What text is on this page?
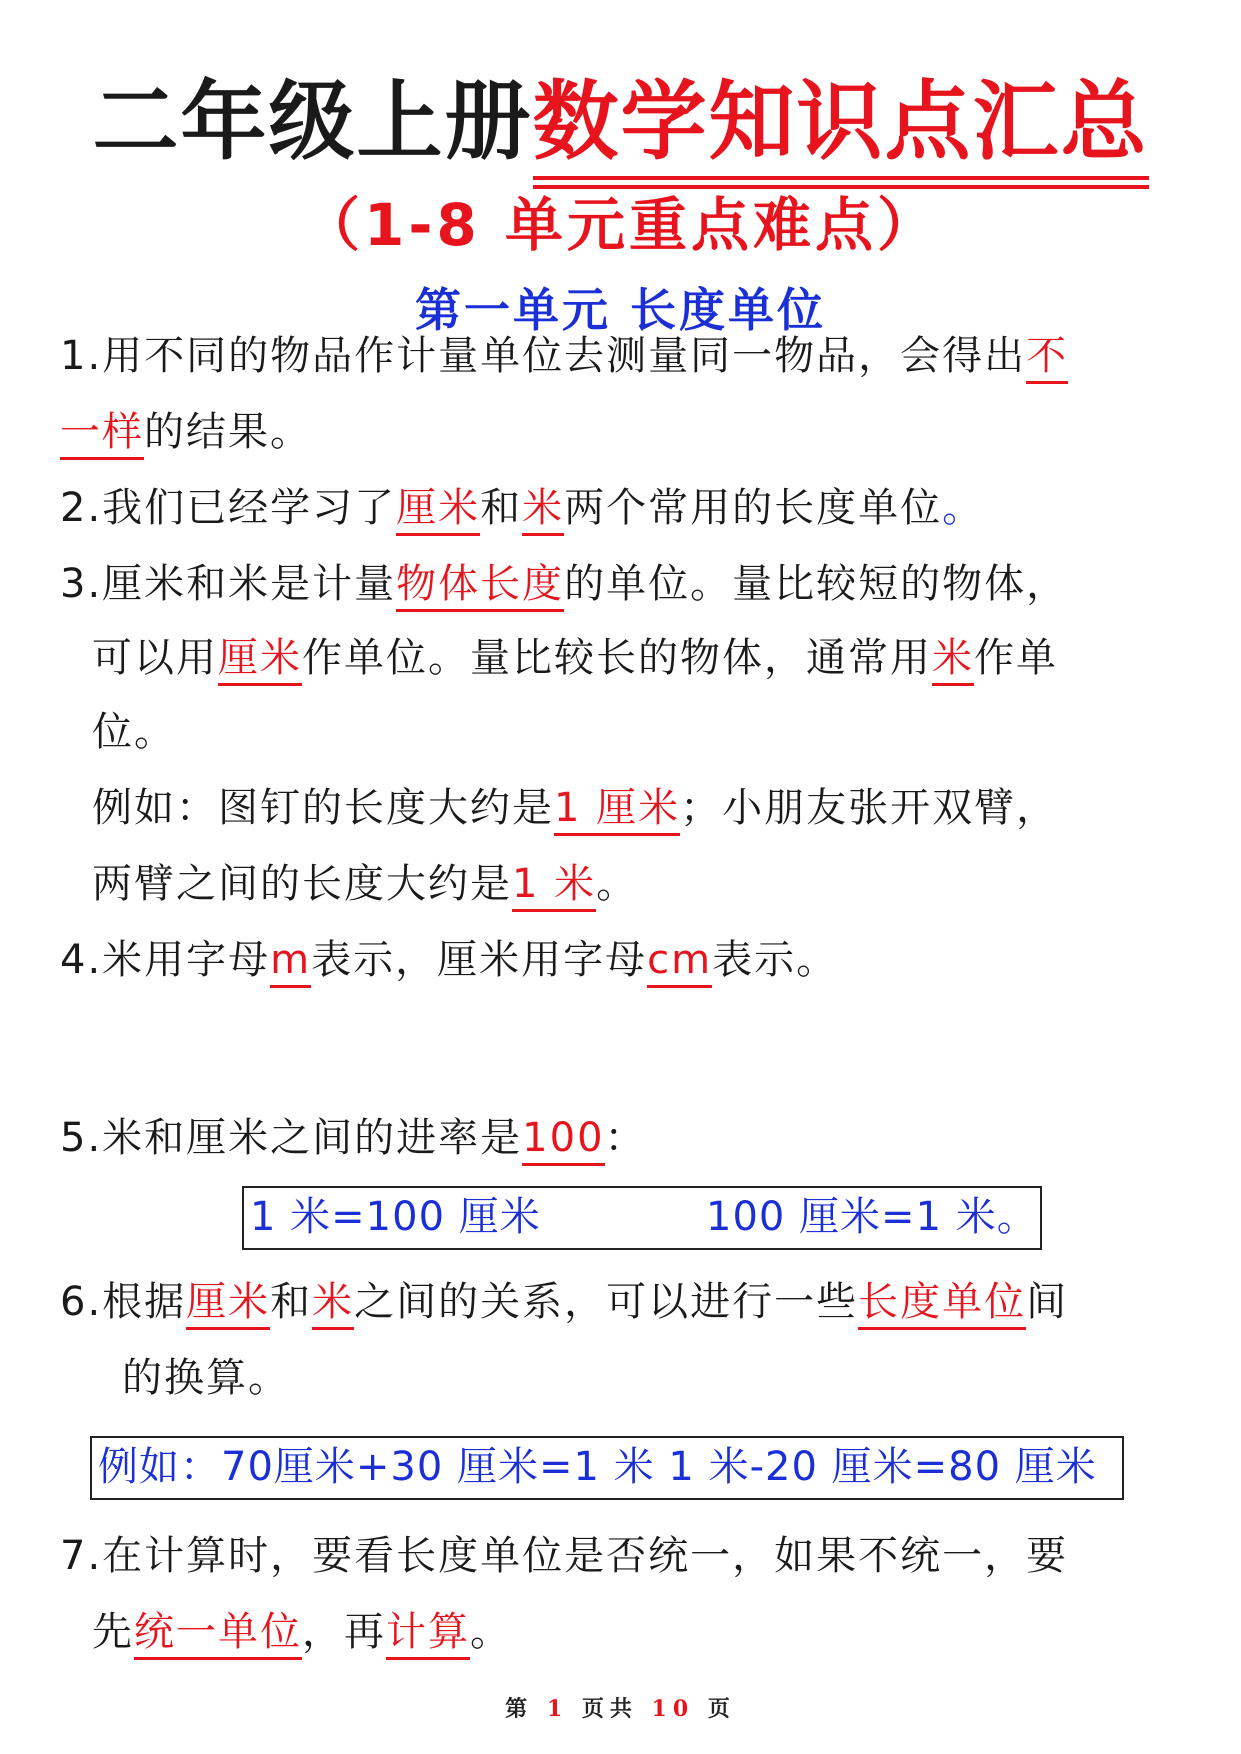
二年级上册数学知识点汇总
（1-8 单元重点难点）
第一单元 长度单位
1.用不同的物品作计量单位去测量同一物品，会得出不
一样的结果。
2.我们已经学习了厘米和米两个常用的长度单位。
3.厘米和米是计量物体长度的单位。量比较短的物体，
可以用厘米作单位。量比较长的物体，通常用米作单
位。
例如：图钉的长度大约是1 厘米；小朋友张开双臂，
两臂之间的长度大约是1 米。
4.米用字母m表示，厘米用字母cm表示。
5.米和厘米之间的进率是100：
1 米=100 厘米	100 厘米=1 米。
6.根据厘米和米之间的关系，可以进行一些长度单位间
的换算。
例如：70厘米+30 厘米=1 米 1 米-20 厘米=80 厘米
7.在计算时，要看长度单位是否统一，如果不统一，要
先统一单位，再计算。
第 1 页共 10 页
